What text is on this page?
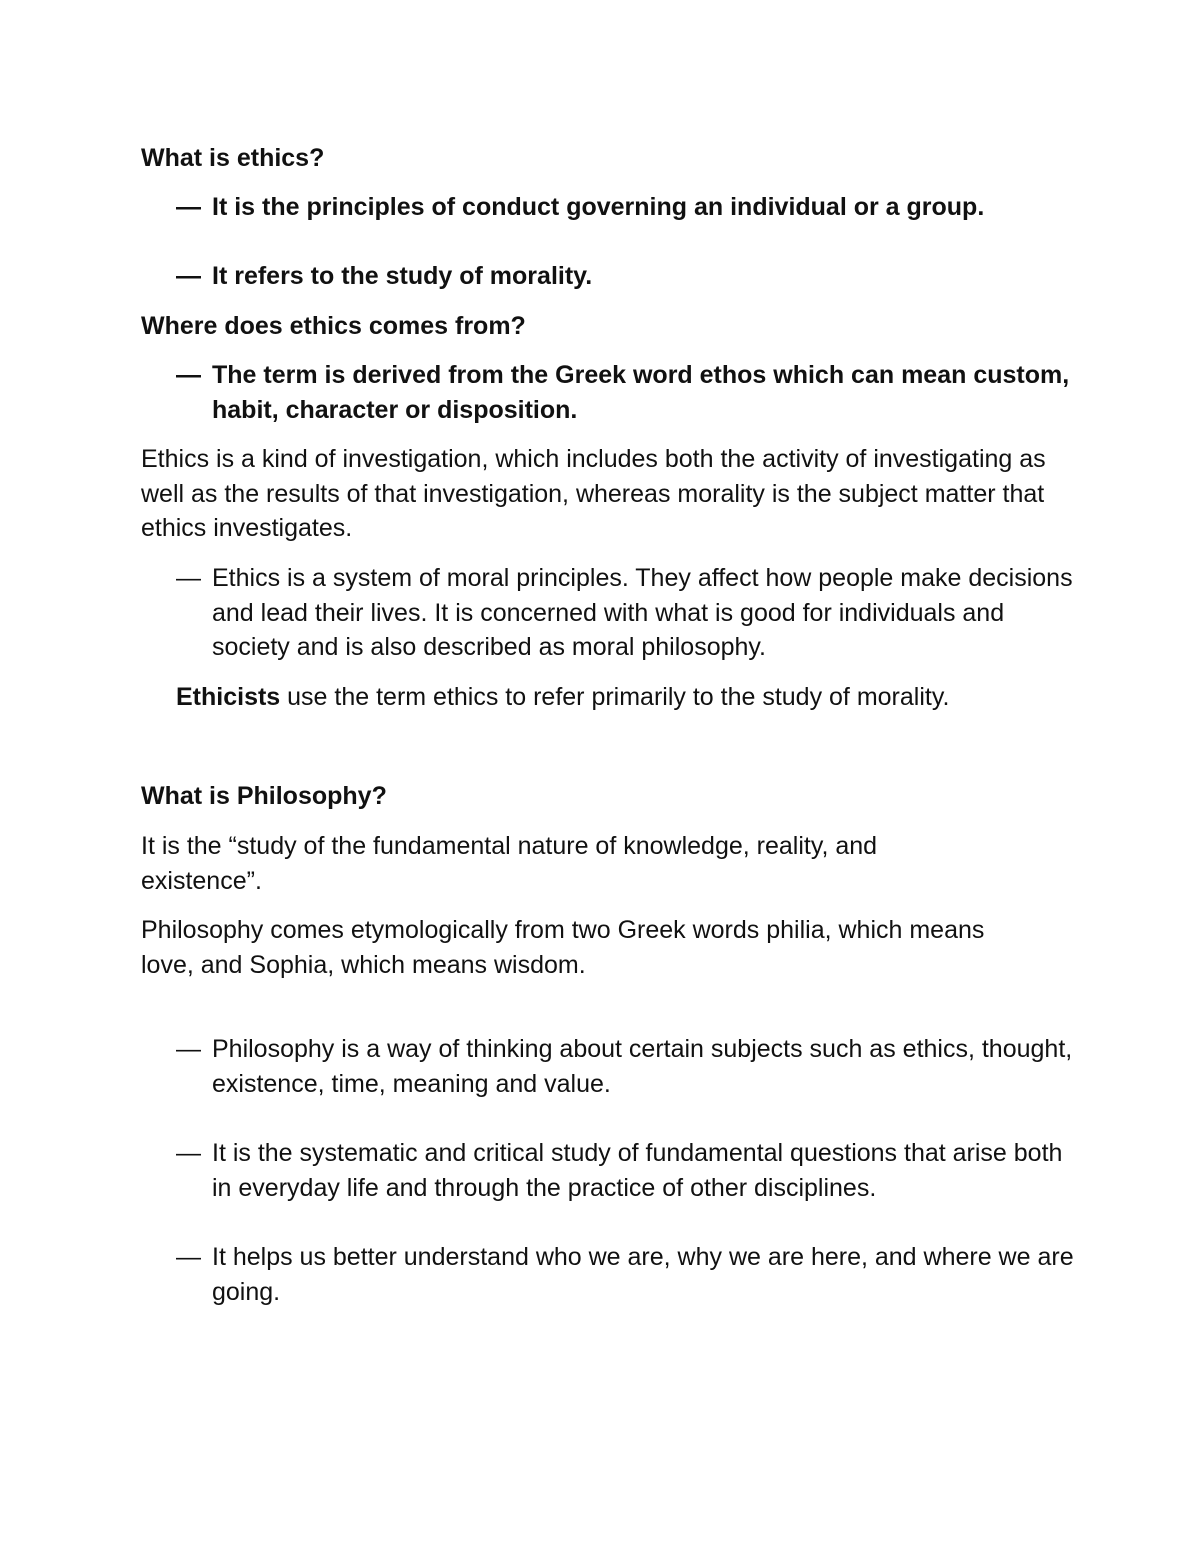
What is ethics?

— It is the principles of conduct governing an individual or a group.
— It refers to the study of morality.

Where does ethics comes from?

— The term is derived from the Greek word ethos which can mean custom, habit, character or disposition.

Ethics is a kind of investigation, which includes both the activity of investigating as well as the results of that investigation, whereas morality is the subject matter that ethics investigates.

— Ethics is a system of moral principles. They affect how people make decisions and lead their lives. It is concerned with what is good for individuals and society and is also described as moral philosophy.

Ethicists use the term ethics to refer primarily to the study of morality.

What is Philosophy?

It is the “study of the fundamental nature of knowledge, reality, and existence”.

Philosophy comes etymologically from two Greek words philia, which means love, and Sophia, which means wisdom.

— Philosophy is a way of thinking about certain subjects such as ethics, thought, existence, time, meaning and value.
— It is the systematic and critical study of fundamental questions that arise both in everyday life and through the practice of other disciplines.
— It helps us better understand who we are, why we are here, and where we are going.
